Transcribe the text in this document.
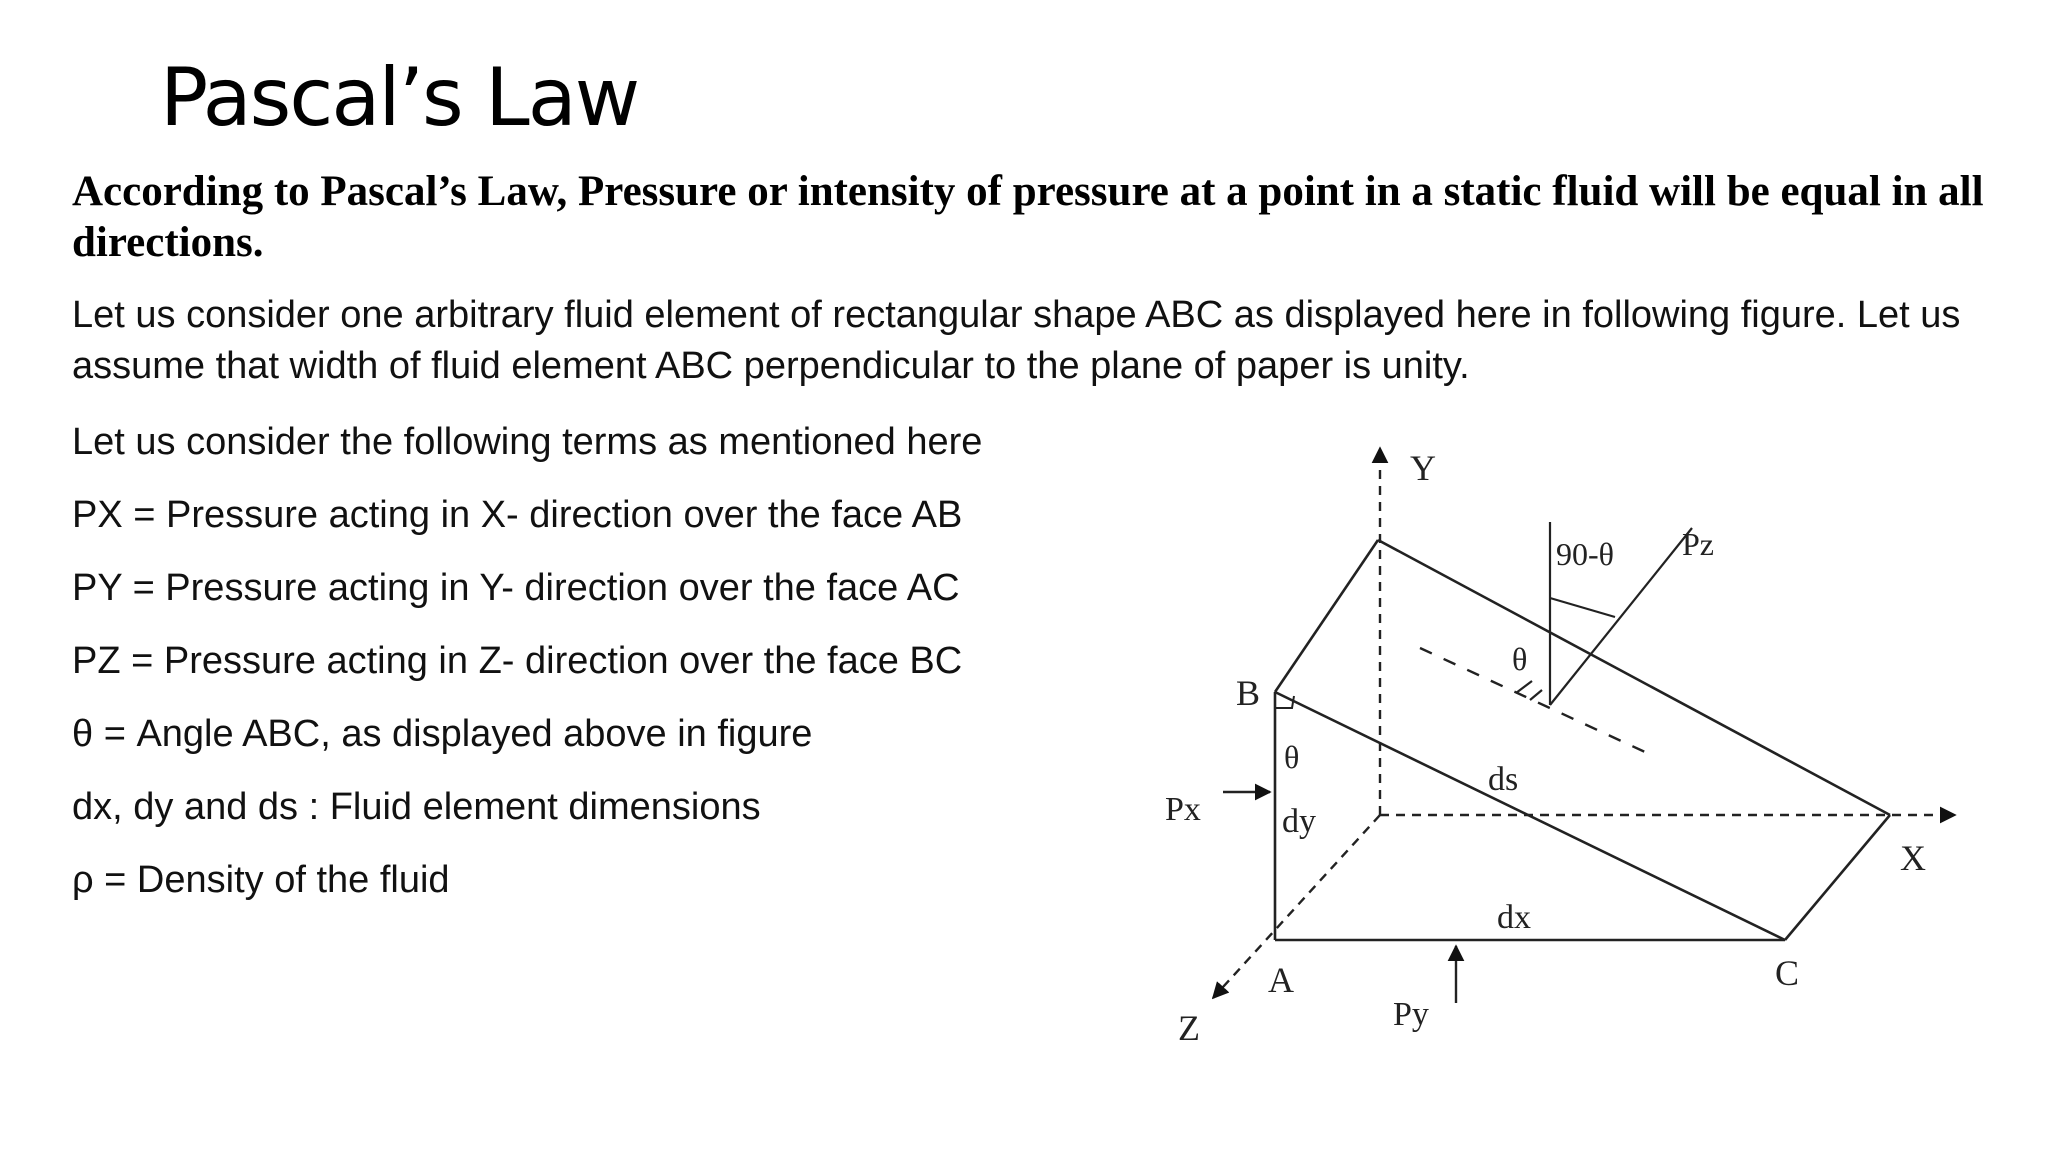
Pascal’s Law

According to Pascal’s Law, Pressure or intensity of pressure at a point in a static fluid will be equal in all directions.

Let us consider one arbitrary fluid element of rectangular shape ABC as displayed here in following figure. Let us assume that width of fluid element ABC perpendicular to the plane of paper is unity.

Let us consider the following terms as mentioned here
PX = Pressure acting in X- direction over the face AB
PY = Pressure acting in Y- direction over the face AC
PZ = Pressure acting in Z- direction over the face BC
θ = Angle ABC, as displayed above in figure
dx, dy and ds : Fluid element dimensions
ρ = Density of the fluid
Y
X
Z
A
B
C
Px
Py
Pz
90-θ
θ
θ
ds
dy
dx
